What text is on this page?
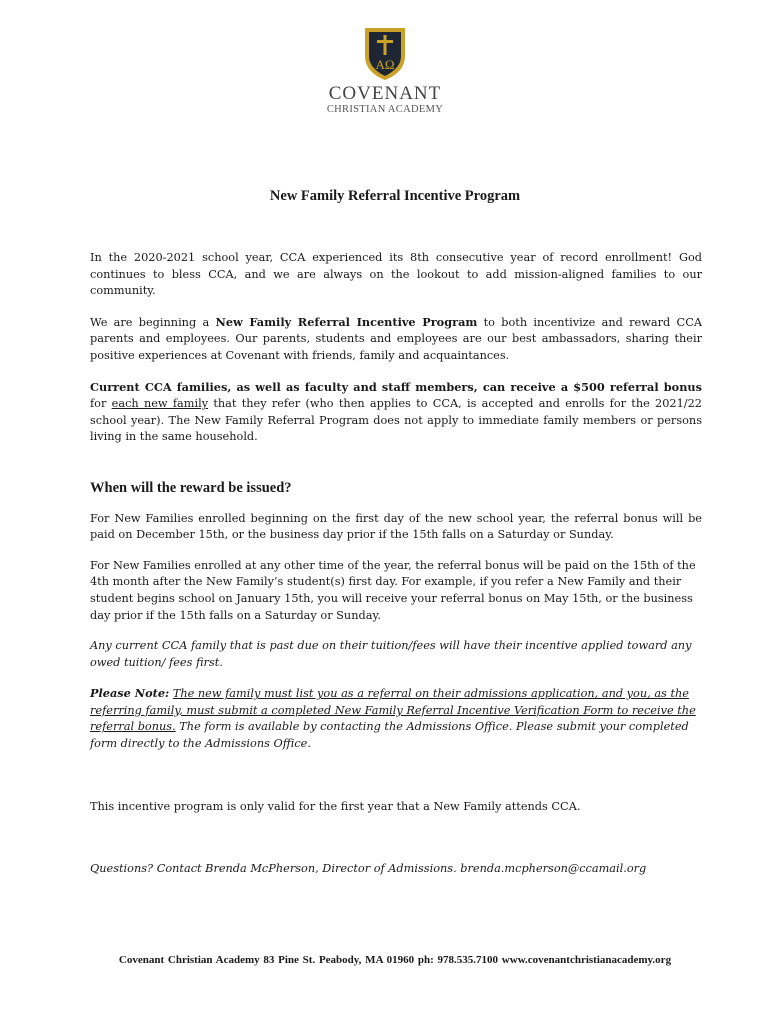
AΩ
COVENANT
CHRISTIAN ACADEMY
New Family Referral Incentive Program

In the 2020-2021 school year, CCA experienced its 8th consecutive year of record enrollment! God continues to bless CCA, and we are always on the lookout to add mission-aligned families to our community.

We are beginning a New Family Referral Incentive Program to both incentivize and reward CCA parents and employees. Our parents, students and employees are our best ambassadors, sharing their positive experiences at Covenant with friends, family and acquaintances.

Current CCA families, as well as faculty and staff members, can receive a $500 referral bonus for each new family that they refer (who then applies to CCA, is accepted and enrolls for the 2021/22 school year). The New Family Referral Program does not apply to immediate family members or persons living in the same household.

When will the reward be issued?

For New Families enrolled beginning on the first day of the new school year, the referral bonus will be paid on December 15th, or the business day prior if the 15th falls on a Saturday or Sunday.

For New Families enrolled at any other time of the year, the referral bonus will be paid on the 15th of the 4th month after the New Family’s student(s) first day. For example, if you refer a New Family and their student begins school on January 15th, you will receive your referral bonus on May 15th, or the business day prior if the 15th falls on a Saturday or Sunday.

Any current CCA family that is past due on their tuition/fees will have their incentive applied toward any owed tuition/ fees first.

Please Note: The new family must list you as a referral on their admissions application, and you, as the referring family, must submit a completed New Family Referral Incentive Verification Form to receive the referral bonus. The form is available by contacting the Admissions Office. Please submit your completed form directly to the Admissions Office.

This incentive program is only valid for the first year that a New Family attends CCA.

Questions? Contact Brenda McPherson, Director of Admissions. brenda.mcpherson@ccamail.org

Covenant Christian Academy 83 Pine St. Peabody, MA 01960 ph: 978.535.7100 www.covenantchristianacademy.org
